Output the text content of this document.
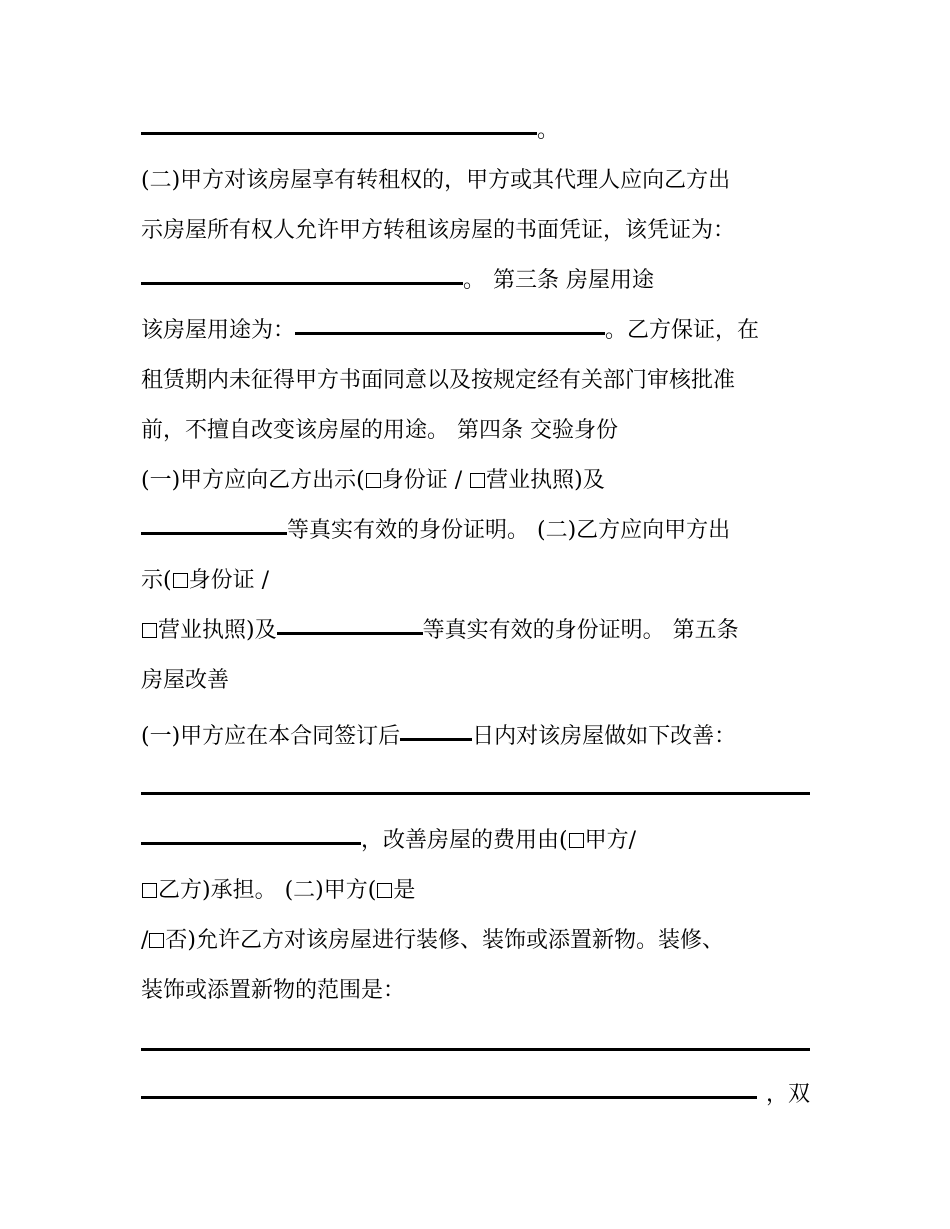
。
(二)甲方对该房屋享有转租权的，甲方或其代理人应向乙方出
示房屋所有权人允许甲方转租该房屋的书面凭证，该凭证为：
。 第三条 房屋用途
该房屋用途为：	。乙方保证，在
租赁期内未征得甲方书面同意以及按规定经有关部门审核批准
前，不擅自改变该房屋的用途。 第四条 交验身份
(一)甲方应向乙方出示( 身份证 / 营业执照)及
等真实有效的身份证明。 (二)乙方应向甲方出
示( 身份证 /
营业执照)及	等真实有效的身份证明。 第五条
房屋改善
(一)甲方应在本合同签订后	日内对该房屋做如下改善：
，改善房屋的费用由( 甲方/
乙方)承担。 (二)甲方( 是
/ 否)允许乙方对该房屋进行装修、装饰或添置新物。装修、
装饰或添置新物的范围是：
，双
